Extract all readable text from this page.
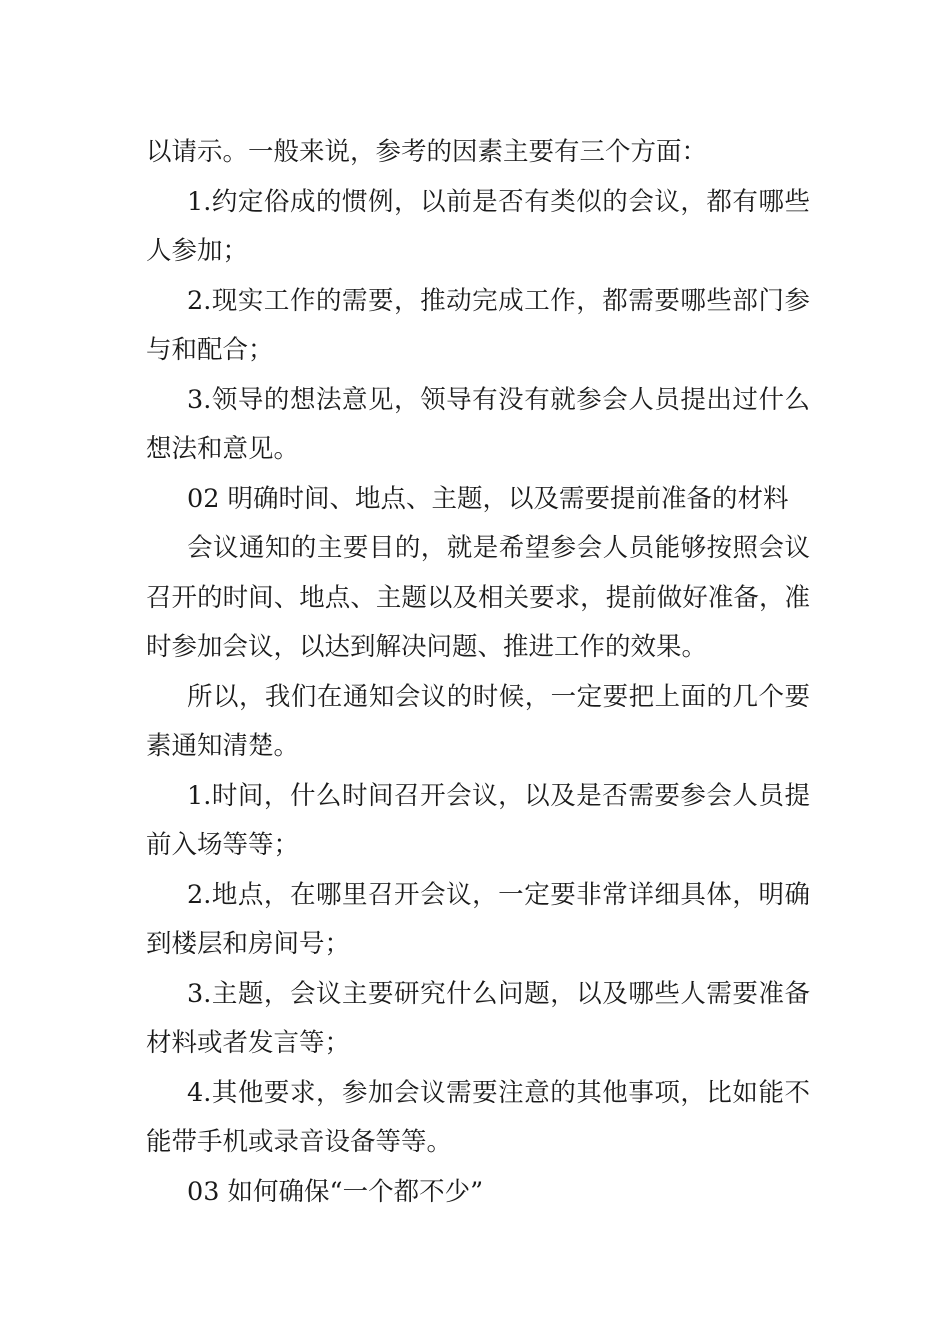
以请示。一般来说，参考的因素主要有三个方面：

1.约定俗成的惯例，以前是否有类似的会议，都有哪些人参加；

2.现实工作的需要，推动完成工作，都需要哪些部门参与和配合；

3.领导的想法意见，领导有没有就参会人员提出过什么想法和意见。

02 明确时间、地点、主题，以及需要提前准备的材料

会议通知的主要目的，就是希望参会人员能够按照会议召开的时间、地点、主题以及相关要求，提前做好准备，准时参加会议，以达到解决问题、推进工作的效果。

所以，我们在通知会议的时候，一定要把上面的几个要素通知清楚。

1.时间，什么时间召开会议，以及是否需要参会人员提前入场等等；

2.地点，在哪里召开会议，一定要非常详细具体，明确到楼层和房间号；

3.主题，会议主要研究什么问题，以及哪些人需要准备材料或者发言等；

4.其他要求，参加会议需要注意的其他事项，比如能不能带手机或录音设备等等。

03 如何确保“一个都不少”
